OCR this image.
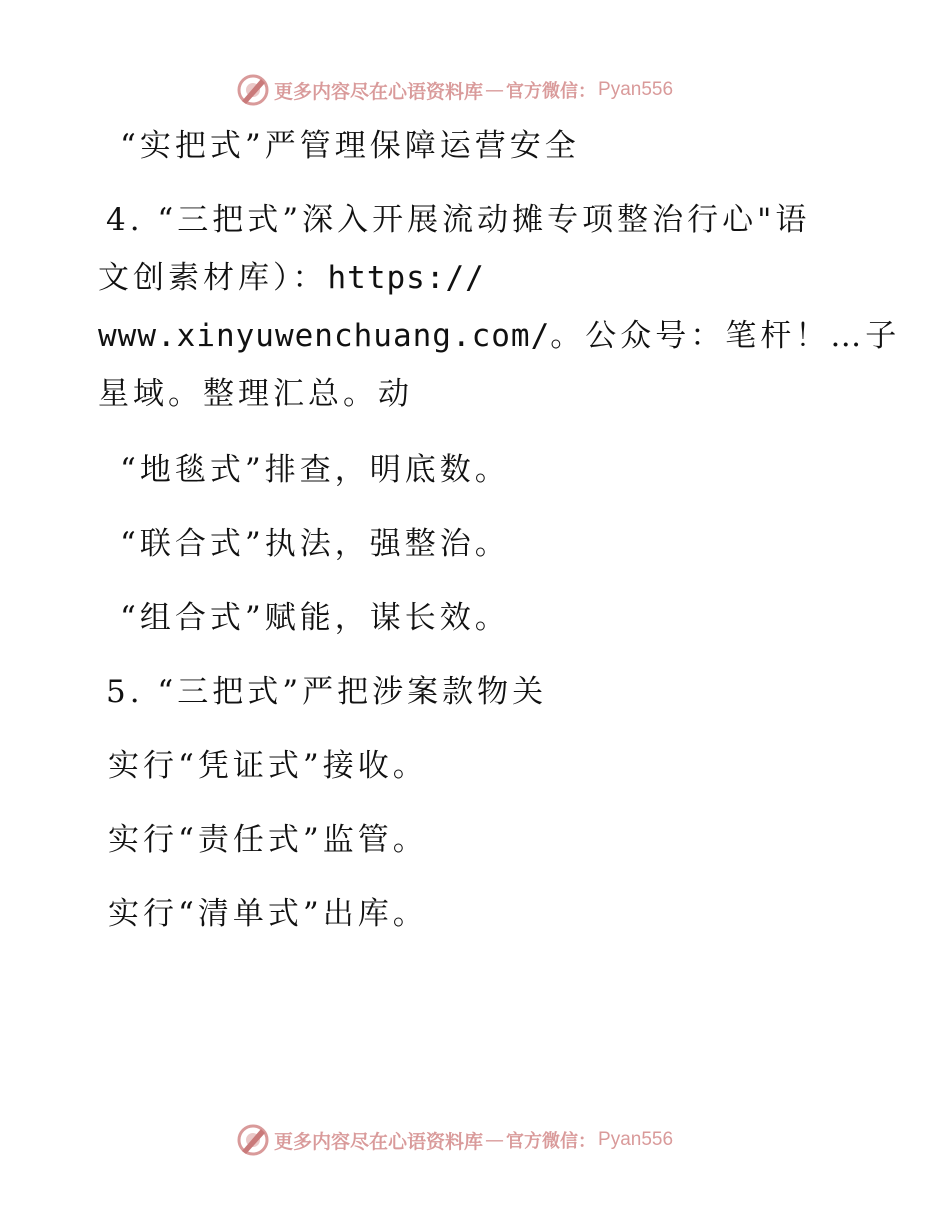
更多内容尽在心语资料库 — 官方微信： Pyan556
“实把式”严管理保障运营安全
4. “三把式”深入开展流动摊专项整治行心"语
文创素材库）：https://
www.xinyuwenchuang.com/。公众号：笔杆！…子
星域。整理汇总。动
“地毯式”排查，明底数。
“联合式”执法，强整治。
“组合式”赋能，谋长效。
5. “三把式”严把涉案款物关
实行“凭证式”接收。
实行“责任式”监管。
实行“清单式”出库。
更多内容尽在心语资料库 — 官方微信： Pyan556
